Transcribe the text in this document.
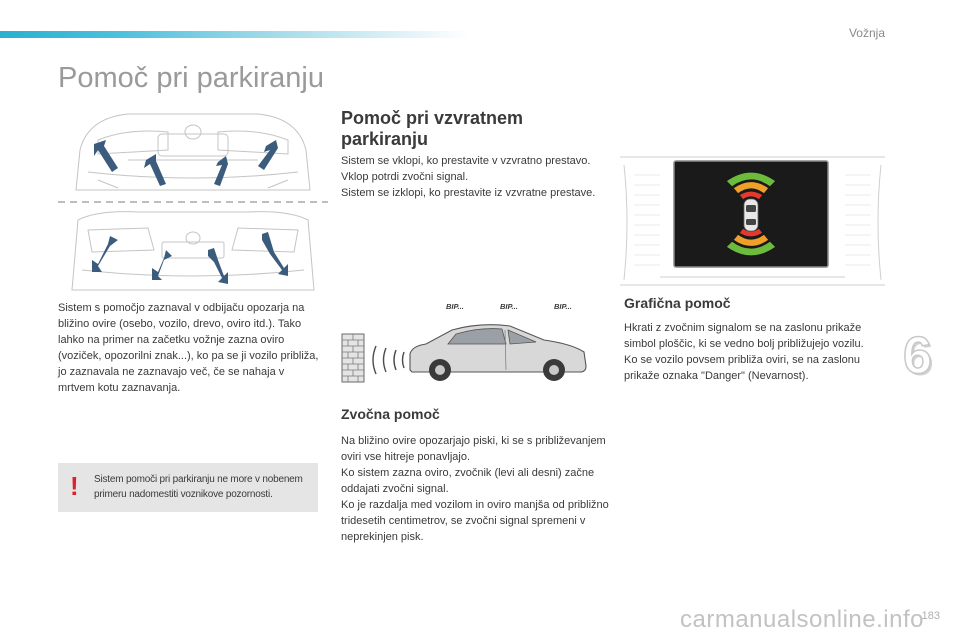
Vožnja
Pomoč pri parkiranju

Sistem s pomočjo zaznaval v odbijaču opozarja na bližino ovire (osebo, vozilo, drevo, oviro itd.). Tako lahko na primer na začetku vožnje zazna oviro (voziček, opozorilni znak...), ko pa se ji vozilo približa, jo zaznavala ne zaznavajo več, če se nahaja v mrtvem kotu zaznavanja.

! Sistem pomoči pri parkiranju ne more v nobenem primeru nadomestiti voznikove pozornosti.
Pomoč pri vzvratnem parkiranju

Sistem se vklopi, ko prestavite v vzvratno prestavo.

Vklop potrdi zvočni signal.

Sistem se izklopi, ko prestavite iz vzvratne prestave.

BIP...	BIP...	BIP...
Zvočna pomoč

Na bližino ovire opozarjajo piski, ki se s približevanjem oviri vse hitreje ponavljajo.

Ko sistem zazna oviro, zvočnik (levi ali desni) začne oddajati zvočni signal.

Ko je razdalja med vozilom in oviro manjša od približno tridesetih centimetrov, se zvočni signal spremeni v neprekinjen pisk.

Grafična pomoč

Hkrati z zvočnim signalom se na zaslonu prikaže simbol ploščic, ki se vedno bolj približujejo vozilu.

Ko se vozilo povsem približa oviri, se na zaslonu prikaže oznaka "Danger" (Nevarnost).	6
carmanualsonline.info
183
